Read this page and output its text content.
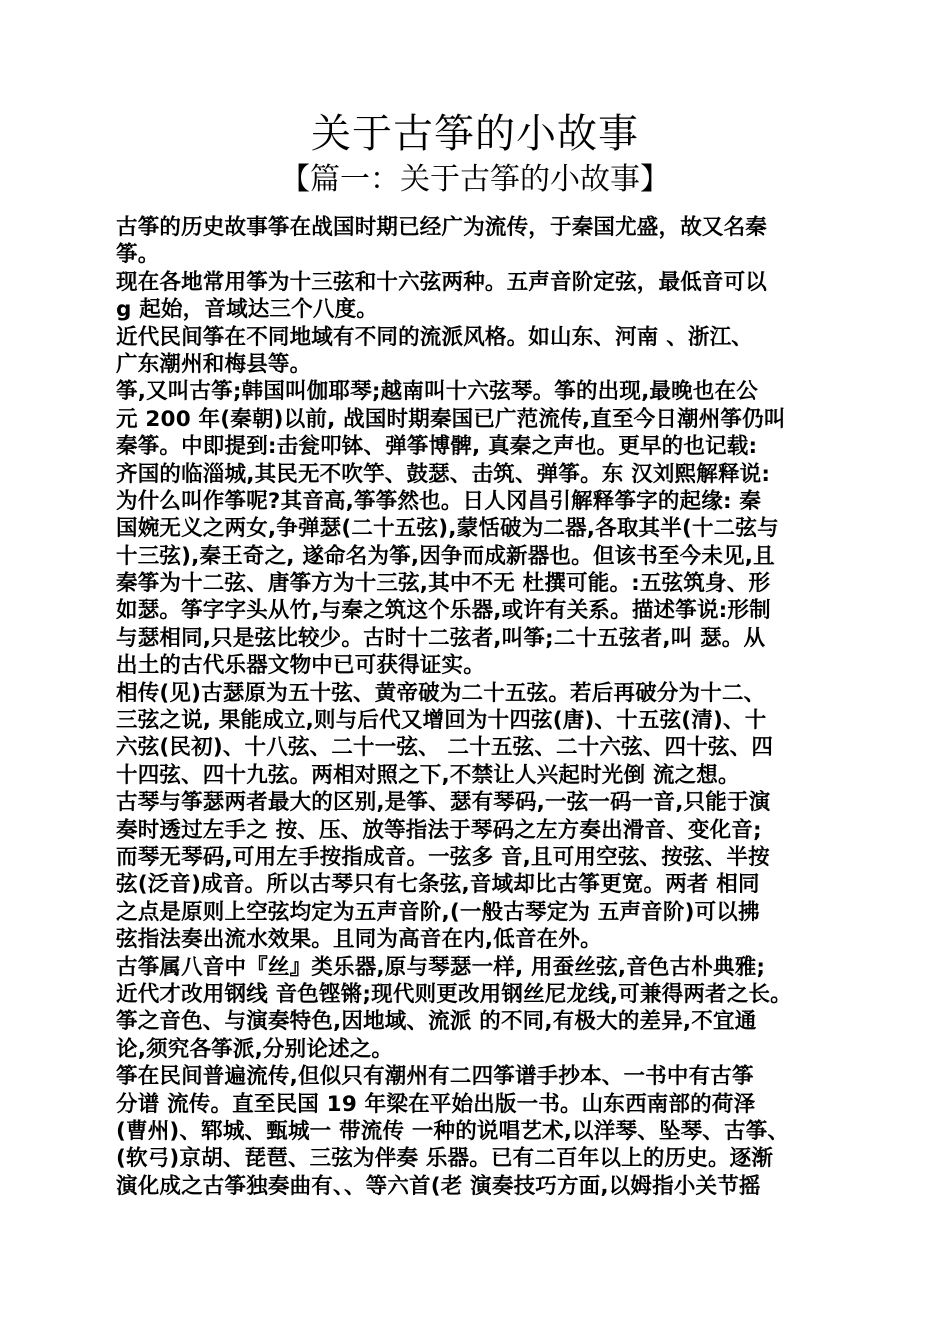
关于古筝的小故事
【篇一：关于古筝的小故事】
古筝的历史故事筝在战国时期已经广为流传，于秦国尤盛，故又名秦
筝。
现在各地常用筝为十三弦和十六弦两种。五声音阶定弦，最低音可以
g 起始，音域达三个八度。
近代民间筝在不同地域有不同的流派风格。如山东、河南 、浙江、
广东潮州和梅县等。
筝,又叫古筝;韩国叫伽耶琴;越南叫十六弦琴。筝的出现,最晚也在公
元 200 年(秦朝)以前, 战国时期秦国已广范流传,直至今日潮州筝仍叫
秦筝。中即提到:击瓮叩钵、弹筝博髀, 真秦之声也。更早的也记载:
齐国的临淄城,其民无不吹竽、鼓瑟、击筑、弹筝。东 汉刘熙解释说:
为什么叫作筝呢?其音高,筝筝然也。日人冈昌引解释筝字的起缘: 秦
国婉无义之两女,争弹瑟(二十五弦),蒙恬破为二器,各取其半(十二弦与
十三弦),秦王奇之, 遂命名为筝,因争而成新器也。但该书至今未见,且
秦筝为十二弦、唐筝方为十三弦,其中不无 杜撰可能。:五弦筑身、形
如瑟。筝字字头从竹,与秦之筑这个乐器,或许有关系。描述筝说:形制
与瑟相同,只是弦比较少。古时十二弦者,叫筝;二十五弦者,叫 瑟。从
出土的古代乐器文物中已可获得证实。
相传(见)古瑟原为五十弦、黄帝破为二十五弦。若后再破分为十二、
三弦之说, 果能成立,则与后代又增回为十四弦(唐)、十五弦(清)、十
六弦(民初)、十八弦、二十一弦、 二十五弦、二十六弦、四十弦、四
十四弦、四十九弦。两相对照之下,不禁让人兴起时光倒 流之想。
古琴与筝瑟两者最大的区别,是筝、瑟有琴码,一弦一码一音,只能于演
奏时透过左手之 按、压、放等指法于琴码之左方奏出滑音、变化音;
而琴无琴码,可用左手按指成音。一弦多 音,且可用空弦、按弦、半按
弦(泛音)成音。所以古琴只有七条弦,音域却比古筝更宽。两者 相同
之点是原则上空弦均定为五声音阶,(一般古琴定为 五声音阶)可以拂
弦指法奏出流水效果。且同为高音在内,低音在外。
古筝属八音中『丝』类乐器,原与琴瑟一样, 用蚕丝弦,音色古朴典雅;
近代才改用钢线 音色铿锵;现代则更改用钢丝尼龙线,可兼得两者之长。
筝之音色、与演奏特色,因地域、流派 的不同,有极大的差异,不宜通
论,须究各筝派,分别论述之。
筝在民间普遍流传,但似只有潮州有二四筝谱手抄本、一书中有古筝
分谱 流传。直至民国 19 年梁在平始出版一书。山东西南部的荷泽
(曹州)、郓城、甄城一 带流传 一种的说唱艺术,以洋琴、坠琴、古筝、
(软弓)京胡、琵琶、三弦为伴奏 乐器。已有二百年以上的历史。逐渐
演化成之古筝独奏曲有、、等六首(老 演奏技巧方面,以姆指小关节摇
